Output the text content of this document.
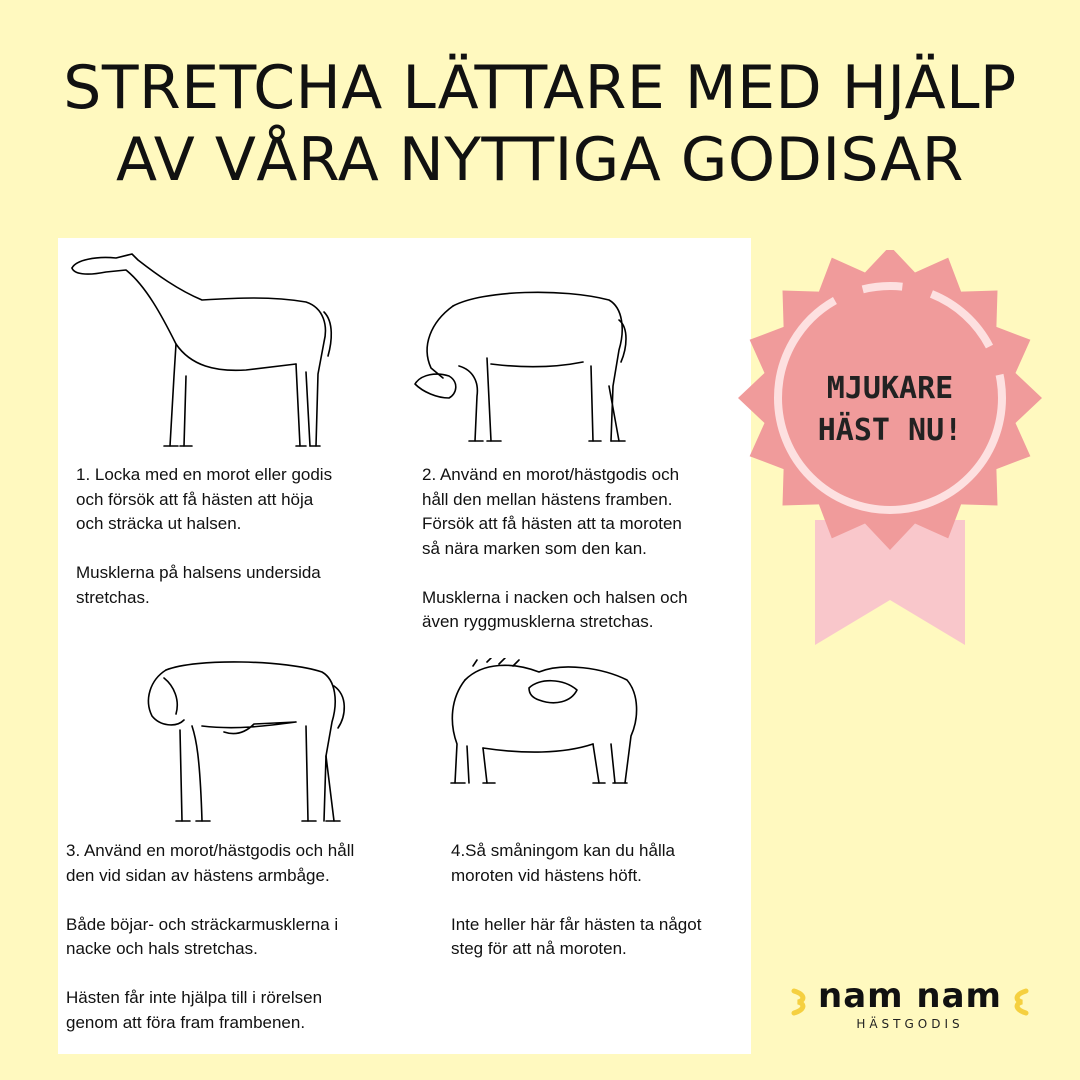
STRETCHA LÄTTARE MED HJÄLP
AV VÅRA NYTTIGA GODISAR

1. Locka med en morot eller godis
och försök att få hästen att höja
och sträcka ut halsen.

Musklerna på halsens undersida
stretchas.

2. Använd en morot/hästgodis och
håll den mellan hästens framben.
Försök att få hästen att ta moroten
så nära marken som den kan.

Musklerna i nacken och halsen och
även ryggmusklerna stretchas.

3. Använd en morot/hästgodis och håll
den vid sidan av hästens armbåge.

Både böjar- och sträckarmusklerna i
nacke och hals stretchas.

Hästen får inte hjälpa till i rörelsen
genom att föra fram frambenen.

4.Så småningom kan du hålla
moroten vid hästens höft.

Inte heller här får hästen ta något
steg för att nå moroten.

MJUKARE
HÄST NU!
nam nam
HÄSTGODIS
